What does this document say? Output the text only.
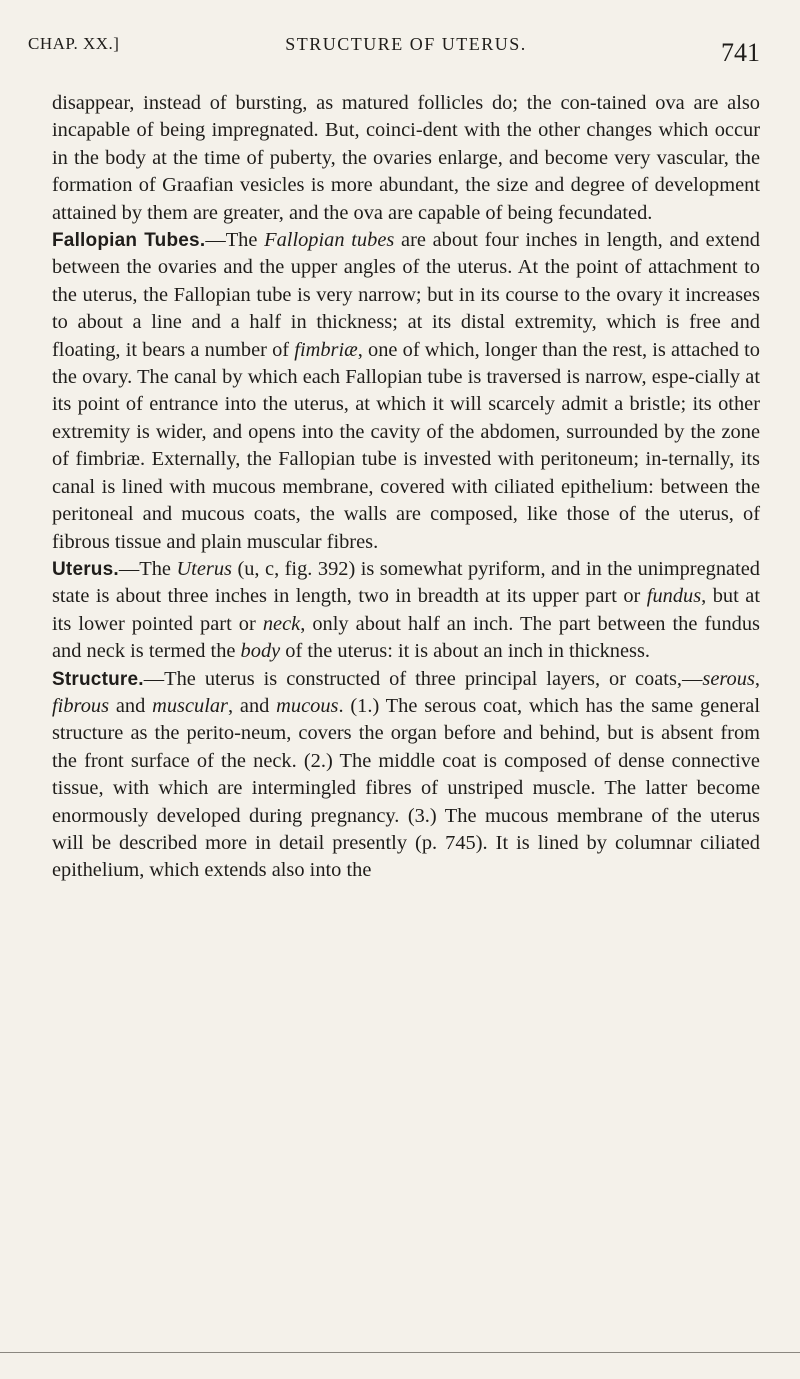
CHAP. XX.]	STRUCTURE OF UTERUS.	741

disappear, instead of bursting, as matured follicles do; the con-tained ova are also incapable of being impregnated. But, coinci-dent with the other changes which occur in the body at the time of puberty, the ovaries enlarge, and become very vascular, the formation of Graafian vesicles is more abundant, the size and degree of development attained by them are greater, and the ova are capable of being fecundated.

Fallopian Tubes.—The Fallopian tubes are about four inches in length, and extend between the ovaries and the upper angles of the uterus. At the point of attachment to the uterus, the Fallopian tube is very narrow; but in its course to the ovary it increases to about a line and a half in thickness; at its distal extremity, which is free and floating, it bears a number of fimbriæ, one of which, longer than the rest, is attached to the ovary. The canal by which each Fallopian tube is traversed is narrow, espe-cially at its point of entrance into the uterus, at which it will scarcely admit a bristle; its other extremity is wider, and opens into the cavity of the abdomen, surrounded by the zone of fimbriæ. Externally, the Fallopian tube is invested with peritoneum; in-ternally, its canal is lined with mucous membrane, covered with ciliated epithelium: between the peritoneal and mucous coats, the walls are composed, like those of the uterus, of fibrous tissue and plain muscular fibres.

Uterus.—The Uterus (u, c, fig. 392) is somewhat pyriform, and in the unimpregnated state is about three inches in length, two in breadth at its upper part or fundus, but at its lower pointed part or neck, only about half an inch. The part between the fundus and neck is termed the body of the uterus: it is about an inch in thickness.

Structure.—The uterus is constructed of three principal layers, or coats,—serous, fibrous and muscular, and mucous. (1.) The serous coat, which has the same general structure as the perito-neum, covers the organ before and behind, but is absent from the front surface of the neck. (2.) The middle coat is composed of dense connective tissue, with which are intermingled fibres of unstriped muscle. The latter become enormously developed during pregnancy. (3.) The mucous membrane of the uterus will be described more in detail presently (p. 745). It is lined by columnar ciliated epithelium, which extends also into the
